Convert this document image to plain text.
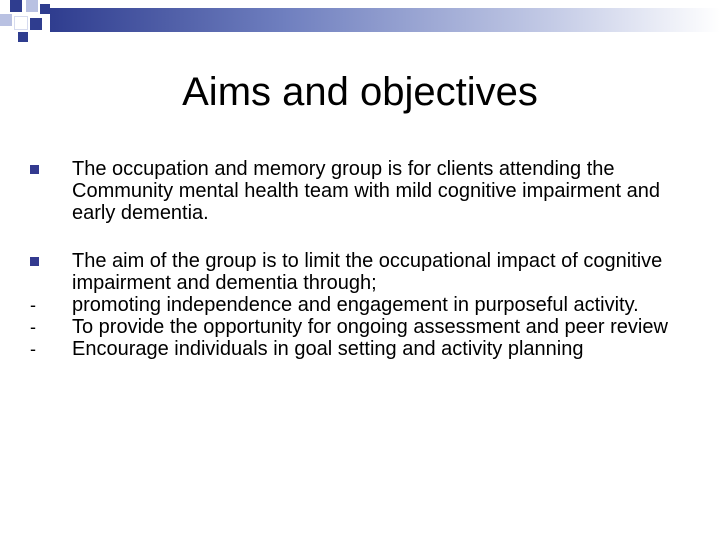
Aims and objectives
The occupation and memory group is for clients attending the Community mental health team with mild cognitive impairment and early dementia.
The aim of the group is to limit the occupational impact of cognitive impairment and dementia through;
-	promoting independence and engagement in purposeful activity.
-	To provide the opportunity for ongoing assessment and peer review
-	Encourage individuals in goal setting and activity planning
